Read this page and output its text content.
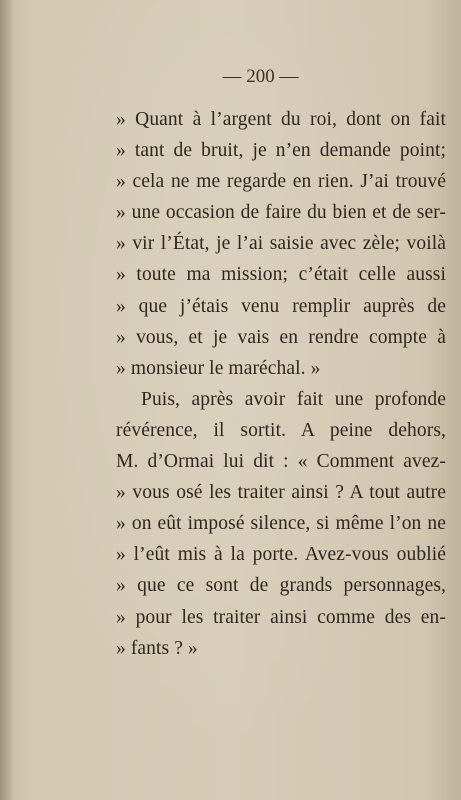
— 200 —
» Quant à l’argent du roi, dont on fait
» tant de bruit, je n’en demande point;
» cela ne me regarde en rien. J’ai trouvé
» une occasion de faire du bien et de ser-
» vir l’État, je l’ai saisie avec zèle; voilà
» toute ma mission; c’était celle aussi
» que j’étais venu remplir auprès de
» vous, et je vais en rendre compte à
» monsieur le maréchal. »
Puis, après avoir fait une profonde
révérence, il sortit. A peine dehors,
M. d’Ormai lui dit : « Comment avez-
» vous osé les traiter ainsi ? A tout autre
» on eût imposé silence, si même l’on ne
» l’eût mis à la porte. Avez-vous oublié
» que ce sont de grands personnages,
» pour les traiter ainsi comme des en-
» fants ? »
